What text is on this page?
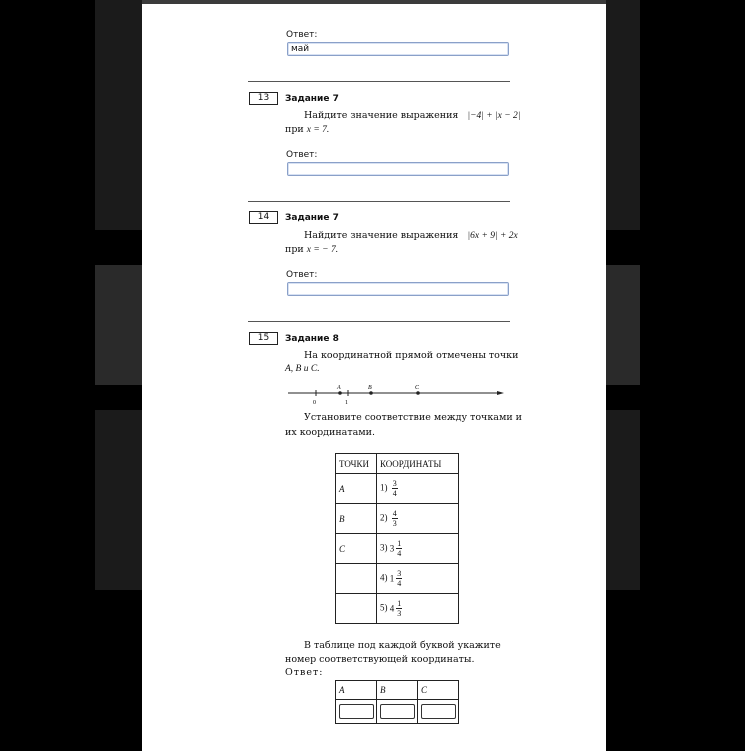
Ответ:
май
13	Задание 7
Найдите значение выражения |−4| + |x − 2|
при x = 7.
Ответ:
14	Задание 7
Найдите значение выражения |6x + 9| + 2x
при x = − 7.
Ответ:
15	Задание 8
На координатной прямой отмечены точки
A, B и C.
0	1
A	B	C
Установите соответствие между точками и
их координатами.
ТОЧКИ	КООРДИНАТЫ
A	$1) \frac{3}{4}$

B	$2) \frac{4}{3}$

C	3) $3 \frac{1}{4}$

	4) $1 \frac{3}{4}$

	5) $4 \frac{1}{3}$
В таблице под каждой буквой укажите
номер соответствующей координаты.
Ответ:
A	B	C
